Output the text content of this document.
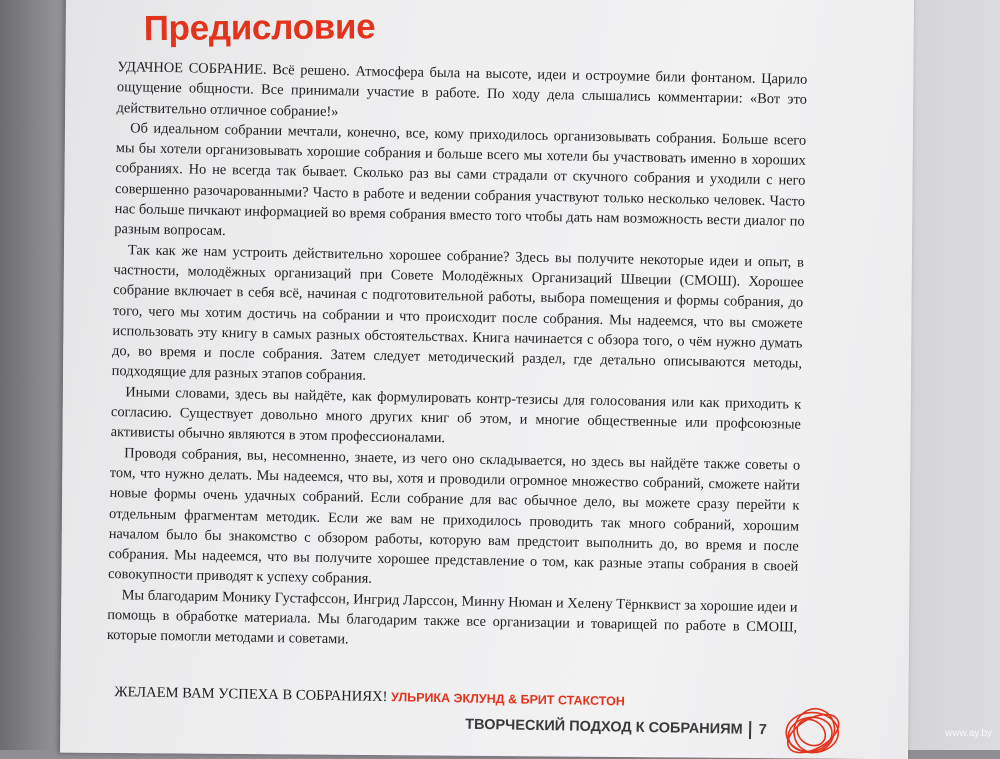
Предисловие

УДАЧНОЕ СОБРАНИЕ. Всё решено. Атмосфера была на высоте, идеи и остроумие били фонтаном. Царило ощущение общности. Все принимали участие в работе. По ходу дела слышались комментарии: «Вот это действительно отличное собрание!»

Об идеальном собрании мечтали, конечно, все, кому приходилось организовывать собрания. Больше всего мы бы хотели организовывать хорошие собрания и больше всего мы хотели бы участвовать именно в хороших собраниях. Но не всегда так бывает. Сколько раз вы сами страдали от скучного собрания и уходили с него совершенно разочарованными? Часто в работе и ведении собрания участвуют только несколько человек. Часто нас больше пичкают информацией во время собрания вместо того чтобы дать нам возможность вести диалог по разным вопросам.

Так как же нам устроить действительно хорошее собрание? Здесь вы получите некоторые идеи и опыт, в частности, молодёжных организаций при Совете Молодёжных Организаций Швеции (СМОШ). Хорошее собрание включает в себя всё, начиная с подготовительной работы, выбора помещения и формы собрания, до того, чего мы хотим достичь на собрании и что происходит после собрания. Мы надеемся, что вы сможете использовать эту книгу в самых разных обстоятельствах. Книга начинается с обзора того, о чём нужно думать до, во время и после собрания. Затем следует методический раздел, где детально описываются методы, подходящие для разных этапов собрания.

Иными словами, здесь вы найдёте, как формулировать контр-тезисы для голосования или как приходить к согласию. Существует довольно много других книг об этом, и многие общественные или профсоюзные активисты обычно являются в этом профессионалами.

Проводя собрания, вы, несомненно, знаете, из чего оно складывается, но здесь вы найдёте также советы о том, что нужно делать. Мы надеемся, что вы, хотя и проводили огромное множество собраний, сможете найти новые формы очень удачных собраний. Если собрание для вас обычное дело, вы можете сразу перейти к отдельным фрагментам методик. Если же вам не приходилось проводить так много собраний, хорошим началом было бы знакомство с обзором работы, которую вам предстоит выполнить до, во время и после собрания. Мы надеемся, что вы получите хорошее представление о том, как разные этапы собрания в своей совокупности приводят к успеху собрания.

Мы благодарим Монику Густафссон, Ингрид Ларссон, Минну Нюман и Хелену Тёрнквист за хорошие идеи и помощь в обработке материала. Мы благодарим также все организации и товарищей по работе в СМОШ, которые помогли методами и советами.

ЖЕЛАЕМ ВАМ УСПЕХА В СОБРАНИЯХ! УЛЬРИКА ЭКЛУНД & БРИТ СТАКСТОН
ТВОРЧЕСКИЙ ПОДХОД К СОБРАНИЯМ 7	www.ay.by
